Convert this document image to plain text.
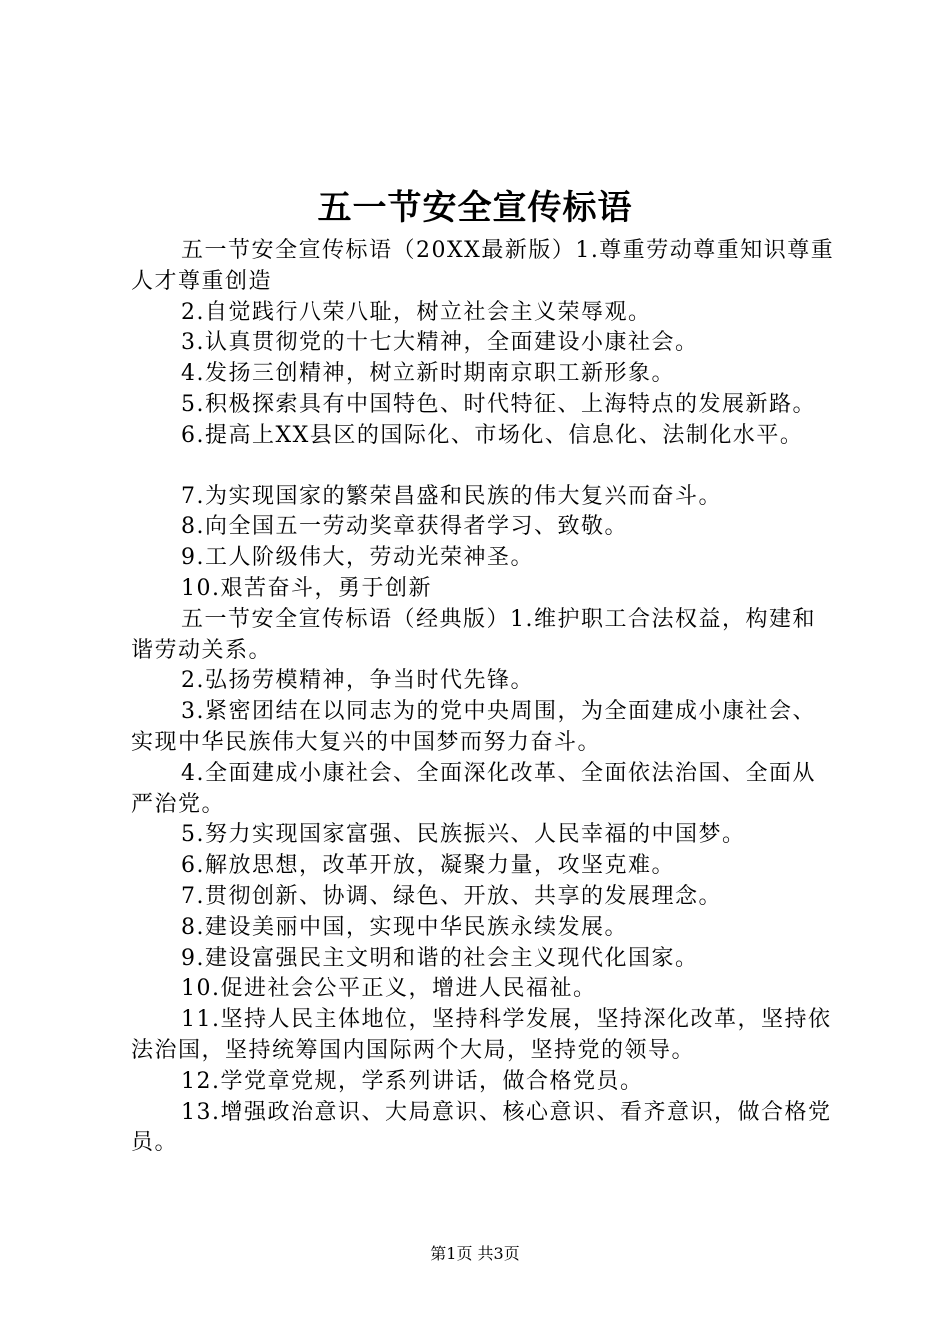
五一节安全宣传标语

五一节安全宣传标语（20XX最新版）1.尊重劳动尊重知识尊重人才尊重创造

2.自觉践行八荣八耻，树立社会主义荣辱观。

3.认真贯彻党的十七大精神，全面建设小康社会。

4.发扬三创精神，树立新时期南京职工新形象。

5.积极探索具有中国特色、时代特征、上海特点的发展新路。

6.提高上XX县区的国际化、市场化、信息化、法制化水平。

7.为实现国家的繁荣昌盛和民族的伟大复兴而奋斗。

8.向全国五一劳动奖章获得者学习、致敬。

9.工人阶级伟大，劳动光荣神圣。

10.艰苦奋斗，勇于创新

五一节安全宣传标语（经典版）1.维护职工合法权益，构建和谐劳动关系。

2.弘扬劳模精神，争当时代先锋。

3.紧密团结在以同志为的党中央周围，为全面建成小康社会、实现中华民族伟大复兴的中国梦而努力奋斗。

4.全面建成小康社会、全面深化改革、全面依法治国、全面从严治党。

5.努力实现国家富强、民族振兴、人民幸福的中国梦。

6.解放思想，改革开放，凝聚力量，攻坚克难。

7.贯彻创新、协调、绿色、开放、共享的发展理念。

8.建设美丽中国，实现中华民族永续发展。

9.建设富强民主文明和谐的社会主义现代化国家。

10.促进社会公平正义，增进人民福祉。

11.坚持人民主体地位，坚持科学发展，坚持深化改革，坚持依法治国，坚持统筹国内国际两个大局，坚持党的领导。

12.学党章党规，学系列讲话，做合格党员。

13.增强政治意识、大局意识、核心意识、看齐意识，做合格党员。

第1页 共3页
